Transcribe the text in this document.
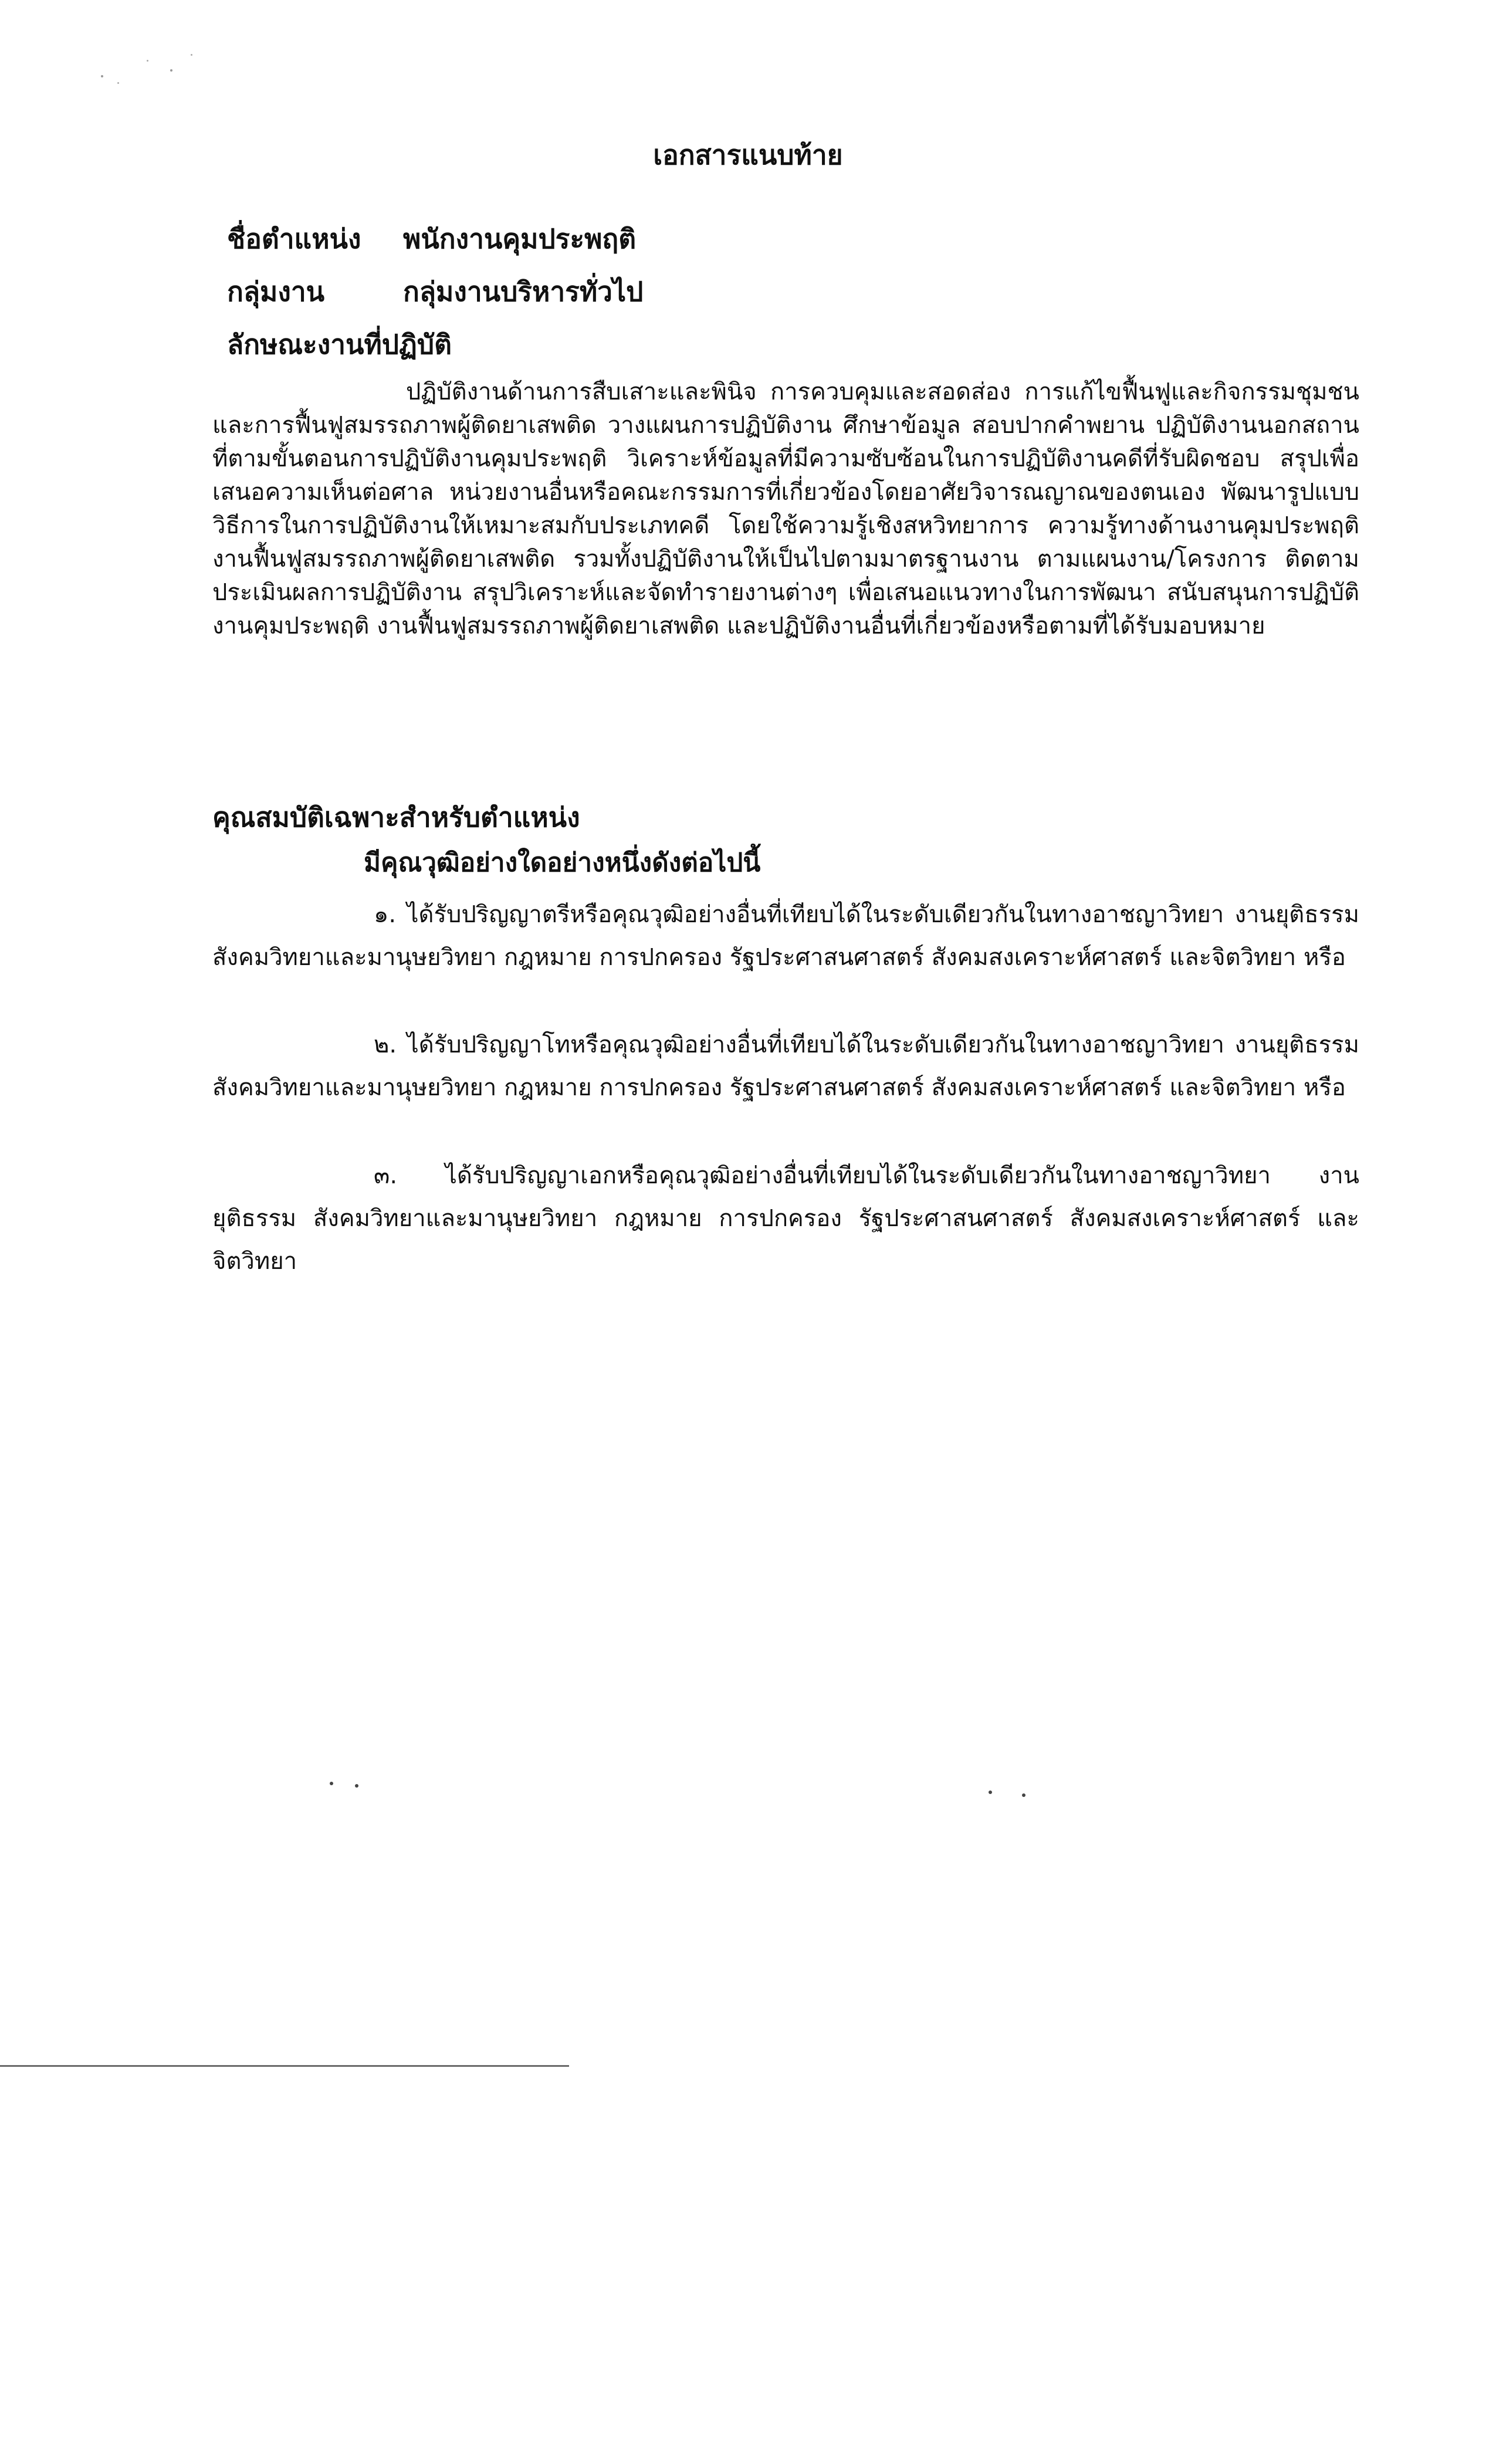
เอกสารแนบท้าย
ชื่อตำแหน่ง พนักงานคุมประพฤติ
กลุ่มงาน	กลุ่มงานบริหารทั่วไป
ลักษณะงานที่ปฏิบัติ
ปฏิบัติงานด้านการสืบเสาะและพินิจ การควบคุมและสอดส่อง การแก้ไขฟื้นฟูและกิจกรรมชุมชนและการฟื้นฟูสมรรถภาพผู้ติดยาเสพติด วางแผนการปฏิบัติงาน ศึกษาข้อมูล สอบปากคำพยาน ปฏิบัติงานนอกสถานที่ตามขั้นตอนการปฏิบัติงานคุมประพฤติ วิเคราะห์ข้อมูลที่มีความซับซ้อนในการปฏิบัติงานคดีที่รับผิดชอบ สรุปเพื่อเสนอความเห็นต่อศาล หน่วยงานอื่นหรือคณะกรรมการที่เกี่ยวข้องโดยอาศัยวิจารณญาณของตนเอง พัฒนารูปแบบวิธีการในการปฏิบัติงานให้เหมาะสมกับประเภทคดี โดยใช้ความรู้เชิงสหวิทยาการ ความรู้ทางด้านงานคุมประพฤติ งานฟื้นฟูสมรรถภาพผู้ติดยาเสพติด รวมทั้งปฏิบัติงานให้เป็นไปตามมาตรฐานงาน ตามแผนงาน/โครงการ ติดตามประเมินผลการปฏิบัติงาน สรุปวิเคราะห์และจัดทำรายงานต่างๆ เพื่อเสนอแนวทางในการพัฒนา สนับสนุนการปฏิบัติงานคุมประพฤติ งานฟื้นฟูสมรรถภาพผู้ติดยาเสพติด และปฏิบัติงานอื่นที่เกี่ยวข้องหรือตามที่ได้รับมอบหมาย
คุณสมบัติเฉพาะสำหรับตำแหน่ง
มีคุณวุฒิอย่างใดอย่างหนึ่งดังต่อไปนี้
๑. ได้รับปริญญาตรีหรือคุณวุฒิอย่างอื่นที่เทียบได้ในระดับเดียวกันในทางอาชญาวิทยา งานยุติธรรม สังคมวิทยาและมานุษยวิทยา กฎหมาย การปกครอง รัฐประศาสนศาสตร์ สังคมสงเคราะห์ศาสตร์ และจิตวิทยา หรือ
๒. ได้รับปริญญาโทหรือคุณวุฒิอย่างอื่นที่เทียบได้ในระดับเดียวกันในทางอาชญาวิทยา งานยุติธรรม สังคมวิทยาและมานุษยวิทยา กฎหมาย การปกครอง รัฐประศาสนศาสตร์ สังคมสงเคราะห์ศาสตร์ และจิตวิทยา หรือ
๓. ได้รับปริญญาเอกหรือคุณวุฒิอย่างอื่นที่เทียบได้ในระดับเดียวกันในทางอาชญาวิทยา งานยุติธรรม สังคมวิทยาและมานุษยวิทยา กฎหมาย การปกครอง รัฐประศาสนศาสตร์ สังคมสงเคราะห์ศาสตร์ และจิตวิทยา
